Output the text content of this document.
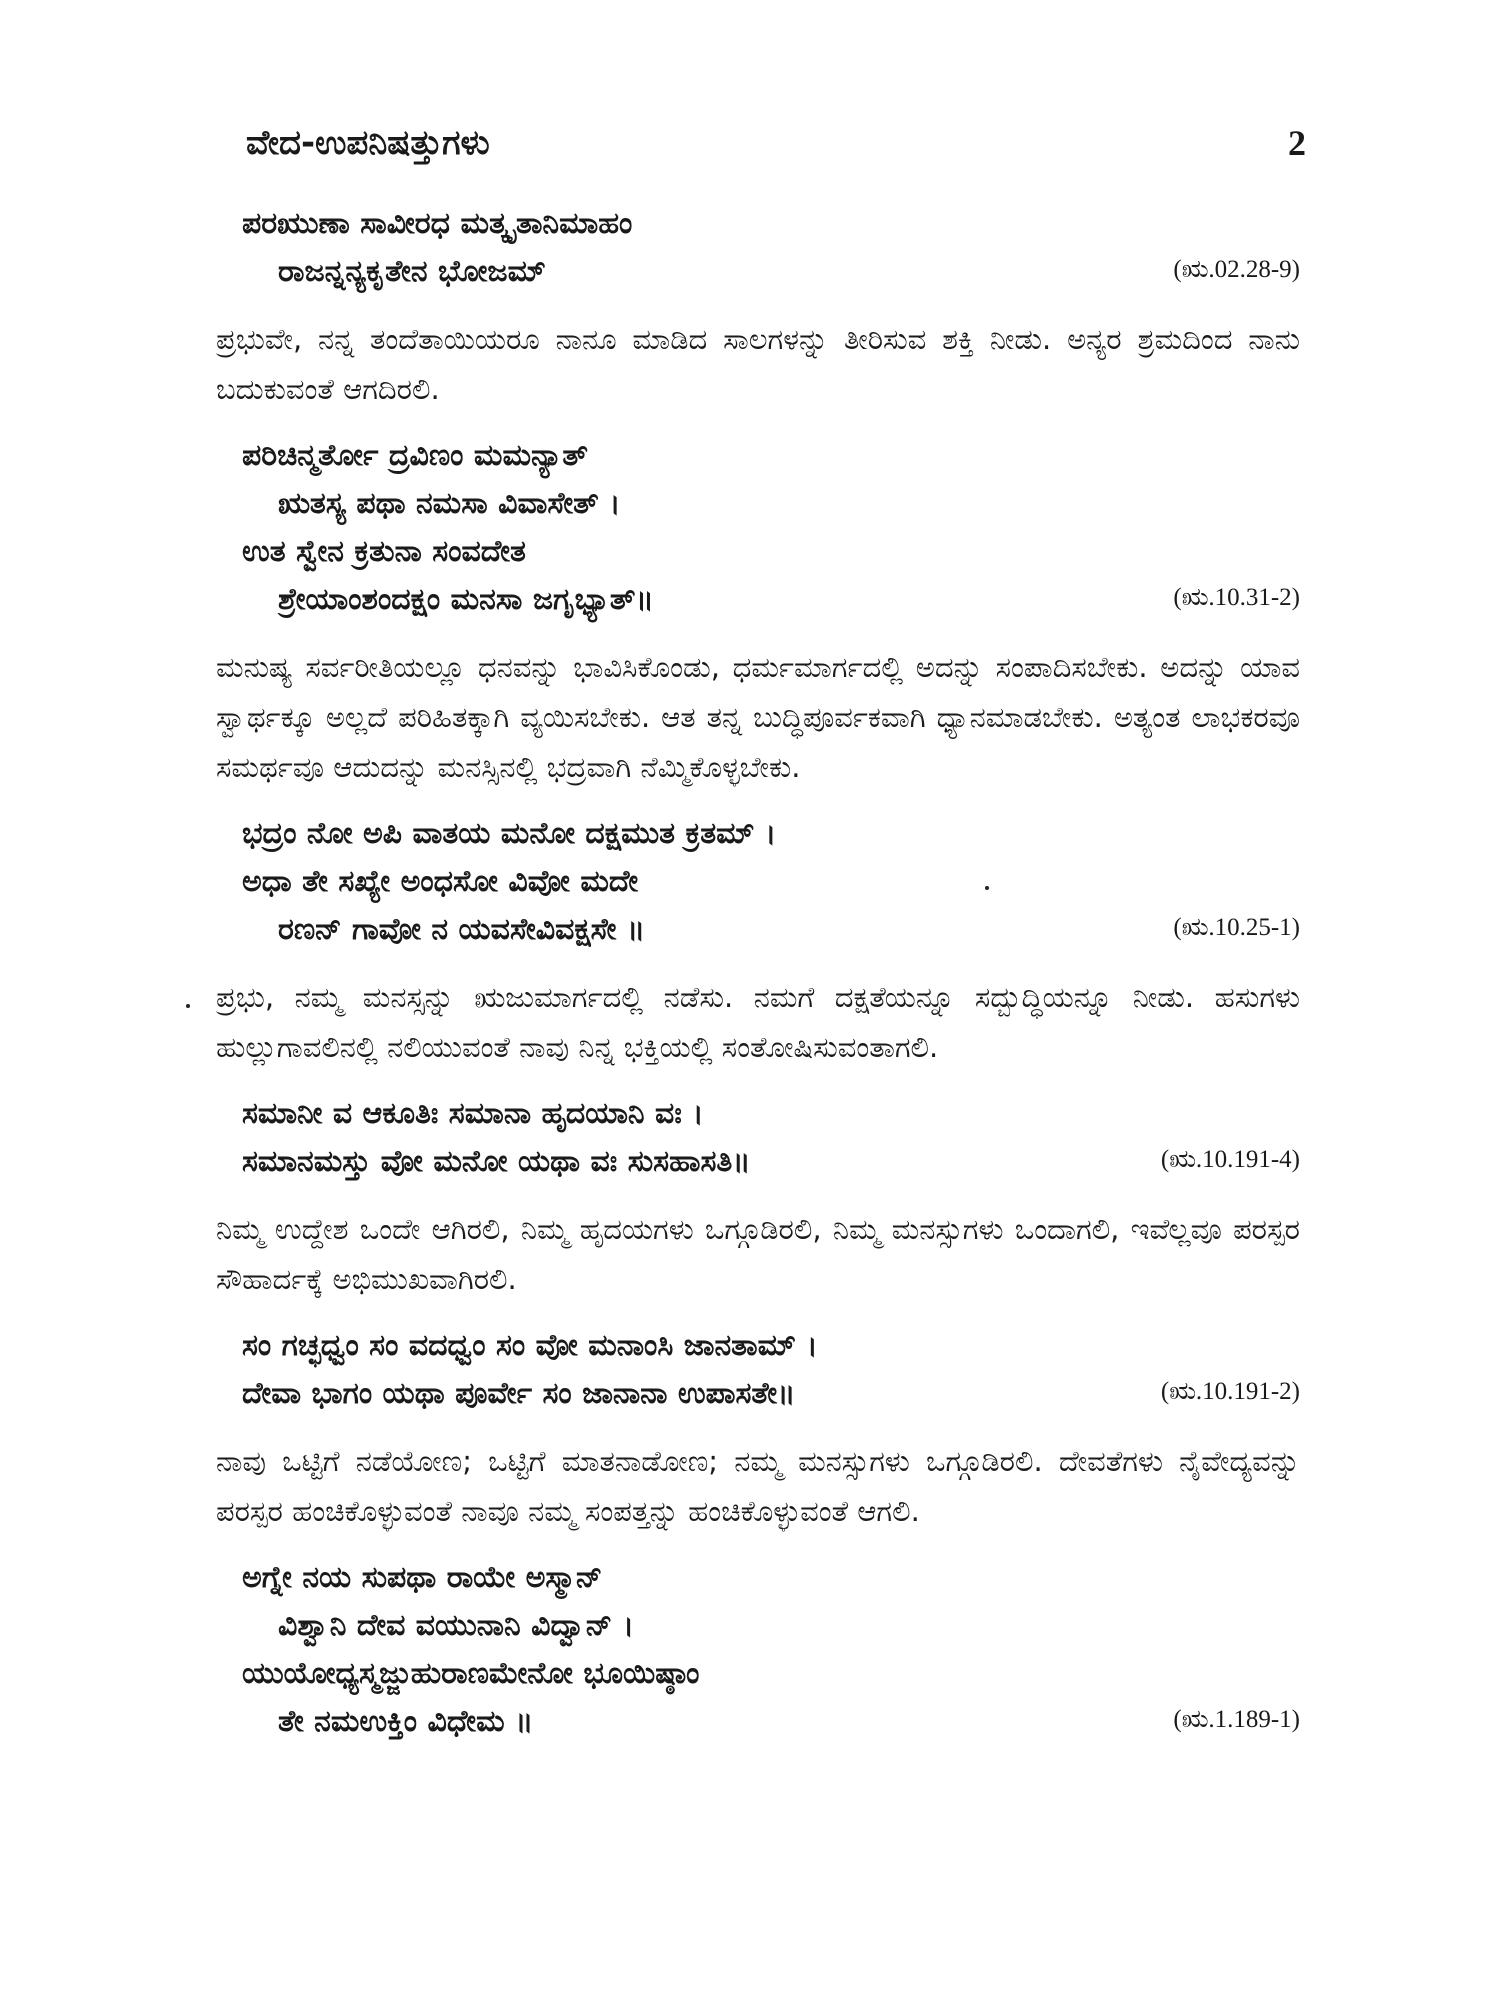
ವೇದ-ಉಪನಿಷತ್ತುಗಳು	2
ಪರಋುಣಾ ಸಾವೀರಧ ಮತ್ಕೃತಾನಿಮಾಹಂ
ರಾಜನ್ನನ್ಯಕೃತೇನ ಭೋಜಮ್	(ಋ.02.28-9)

ಪ್ರಭುವೇ, ನನ್ನ ತಂದೆತಾಯಿಯರೂ ನಾನೂ ಮಾಡಿದ ಸಾಲಗಳನ್ನು ತೀರಿಸುವ ಶಕ್ತಿ ನೀಡು. ಅನ್ಯರ ಶ್ರಮದಿಂದ ನಾನು ಬದುಕುವಂತೆ ಆಗದಿರಲಿ.

ಪರಿಚಿನ್ಮರ್ತೋ ದ್ರವಿಣಂ ಮಮನ್ಯಾತ್
ಋತಸ್ಯ ಪಥಾ ನಮಸಾ ವಿವಾಸೇತ್ ।
ಉತ ಸ್ವೇನ ಕ್ರತುನಾ ಸಂವದೇತ
ಶ್ರೇಯಾಂಶಂದಕ್ಷಂ ಮನಸಾ ಜಗೃಭ್ಯಾತ್॥	(ಋ.10.31-2)

ಮನುಷ್ಯ ಸರ್ವರೀತಿಯಲ್ಲೂ ಧನವನ್ನು ಭಾವಿಸಿಕೊಂಡು, ಧರ್ಮಮಾರ್ಗದಲ್ಲಿ ಅದನ್ನು ಸಂಪಾದಿಸಬೇಕು. ಅದನ್ನು ಯಾವ ಸ್ವಾರ್ಥಕ್ಕೂ ಅಲ್ಲದೆ ಪರಿಹಿತಕ್ಕಾಗಿ ವ್ಯಯಿಸಬೇಕು. ಆತ ತನ್ನ ಬುದ್ಧಿಪೂರ್ವಕವಾಗಿ ಧ್ಯಾನಮಾಡಬೇಕು. ಅತ್ಯಂತ ಲಾಭಕರವೂ ಸಮರ್ಥವೂ ಆದುದನ್ನು ಮನಸ್ಸಿನಲ್ಲಿ ಭದ್ರವಾಗಿ ನೆಮ್ಮಿಕೊಳ್ಳಬೇಕು.

ಭದ್ರಂ ನೋ ಅಪಿ ವಾತಯ ಮನೋ ದಕ್ಷಮುತ ಕ್ರತಮ್ ।
ಅಧಾ ತೇ ಸಖ್ಯೇ ಅಂಧಸೋ ವಿವೋ ಮದೇ
ರಣನ್ ಗಾವೋ ನ ಯವಸೇವಿವಕ್ಷಸೇ ॥	(ಋ.10.25-1)

ಪ್ರಭು, ನಮ್ಮ ಮನಸ್ಸನ್ನು ಋಜುಮಾರ್ಗದಲ್ಲಿ ನಡೆಸು. ನಮಗೆ ದಕ್ಷತೆಯನ್ನೂ ಸದ್ಬುದ್ಧಿಯನ್ನೂ ನೀಡು. ಹಸುಗಳು ಹುಲ್ಲುಗಾವಲಿನಲ್ಲಿ ನಲಿಯುವಂತೆ ನಾವು ನಿನ್ನ ಭಕ್ತಿಯಲ್ಲಿ ಸಂತೋಷಿಸುವಂತಾಗಲಿ.

ಸಮಾನೀ ವ ಆಕೂತಿಃ ಸಮಾನಾ ಹೃದಯಾನಿ ವಃ ।
ಸಮಾನಮಸ್ತು ವೋ ಮನೋ ಯಥಾ ವಃ ಸುಸಹಾಸತಿ॥	(ಋ.10.191-4)

ನಿಮ್ಮ ಉದ್ದೇಶ ಒಂದೇ ಆಗಿರಲಿ, ನಿಮ್ಮ ಹೃದಯಗಳು ಒಗ್ಗೂಡಿರಲಿ, ನಿಮ್ಮ ಮನಸ್ಸುಗಳು ಒಂದಾಗಲಿ, ಇವೆಲ್ಲವೂ ಪರಸ್ಪರ ಸೌಹಾರ್ದಕ್ಕೆ ಅಭಿಮುಖವಾಗಿರಲಿ.

ಸಂ ಗಚ್ಛಧ್ವಂ ಸಂ ವದಧ್ವಂ ಸಂ ವೋ ಮನಾಂಸಿ ಜಾನತಾಮ್ ।
ದೇವಾ ಭಾಗಂ ಯಥಾ ಪೂರ್ವೇ ಸಂ ಜಾನಾನಾ ಉಪಾಸತೇ॥	(ಋ.10.191-2)

ನಾವು ಒಟ್ಟಿಗೆ ನಡೆಯೋಣ; ಒಟ್ಟಿಗೆ ಮಾತನಾಡೋಣ; ನಮ್ಮ ಮನಸ್ಸುಗಳು ಒಗ್ಗೂಡಿರಲಿ. ದೇವತೆಗಳು ನೈವೇದ್ಯವನ್ನು ಪರಸ್ಪರ ಹಂಚಿಕೊಳ್ಳುವಂತೆ ನಾವೂ ನಮ್ಮ ಸಂಪತ್ತನ್ನು ಹಂಚಿಕೊಳ್ಳುವಂತೆ ಆಗಲಿ.

ಅಗ್ನೇ ನಯ ಸುಪಥಾ ರಾಯೇ ಅಸ್ಮಾನ್
ವಿಶ್ವಾನಿ ದೇವ ವಯುನಾನಿ ವಿದ್ವಾನ್ ।
ಯುಯೋಧ್ಯಸ್ಮಜ್ಜುಹುರಾಣಮೇನೋ ಭೂಯಿಷ್ಠಾಂ
ತೇ ನಮಉಕ್ತಿಂ ವಿಧೇಮ ॥	(ಋ.1.189-1)
